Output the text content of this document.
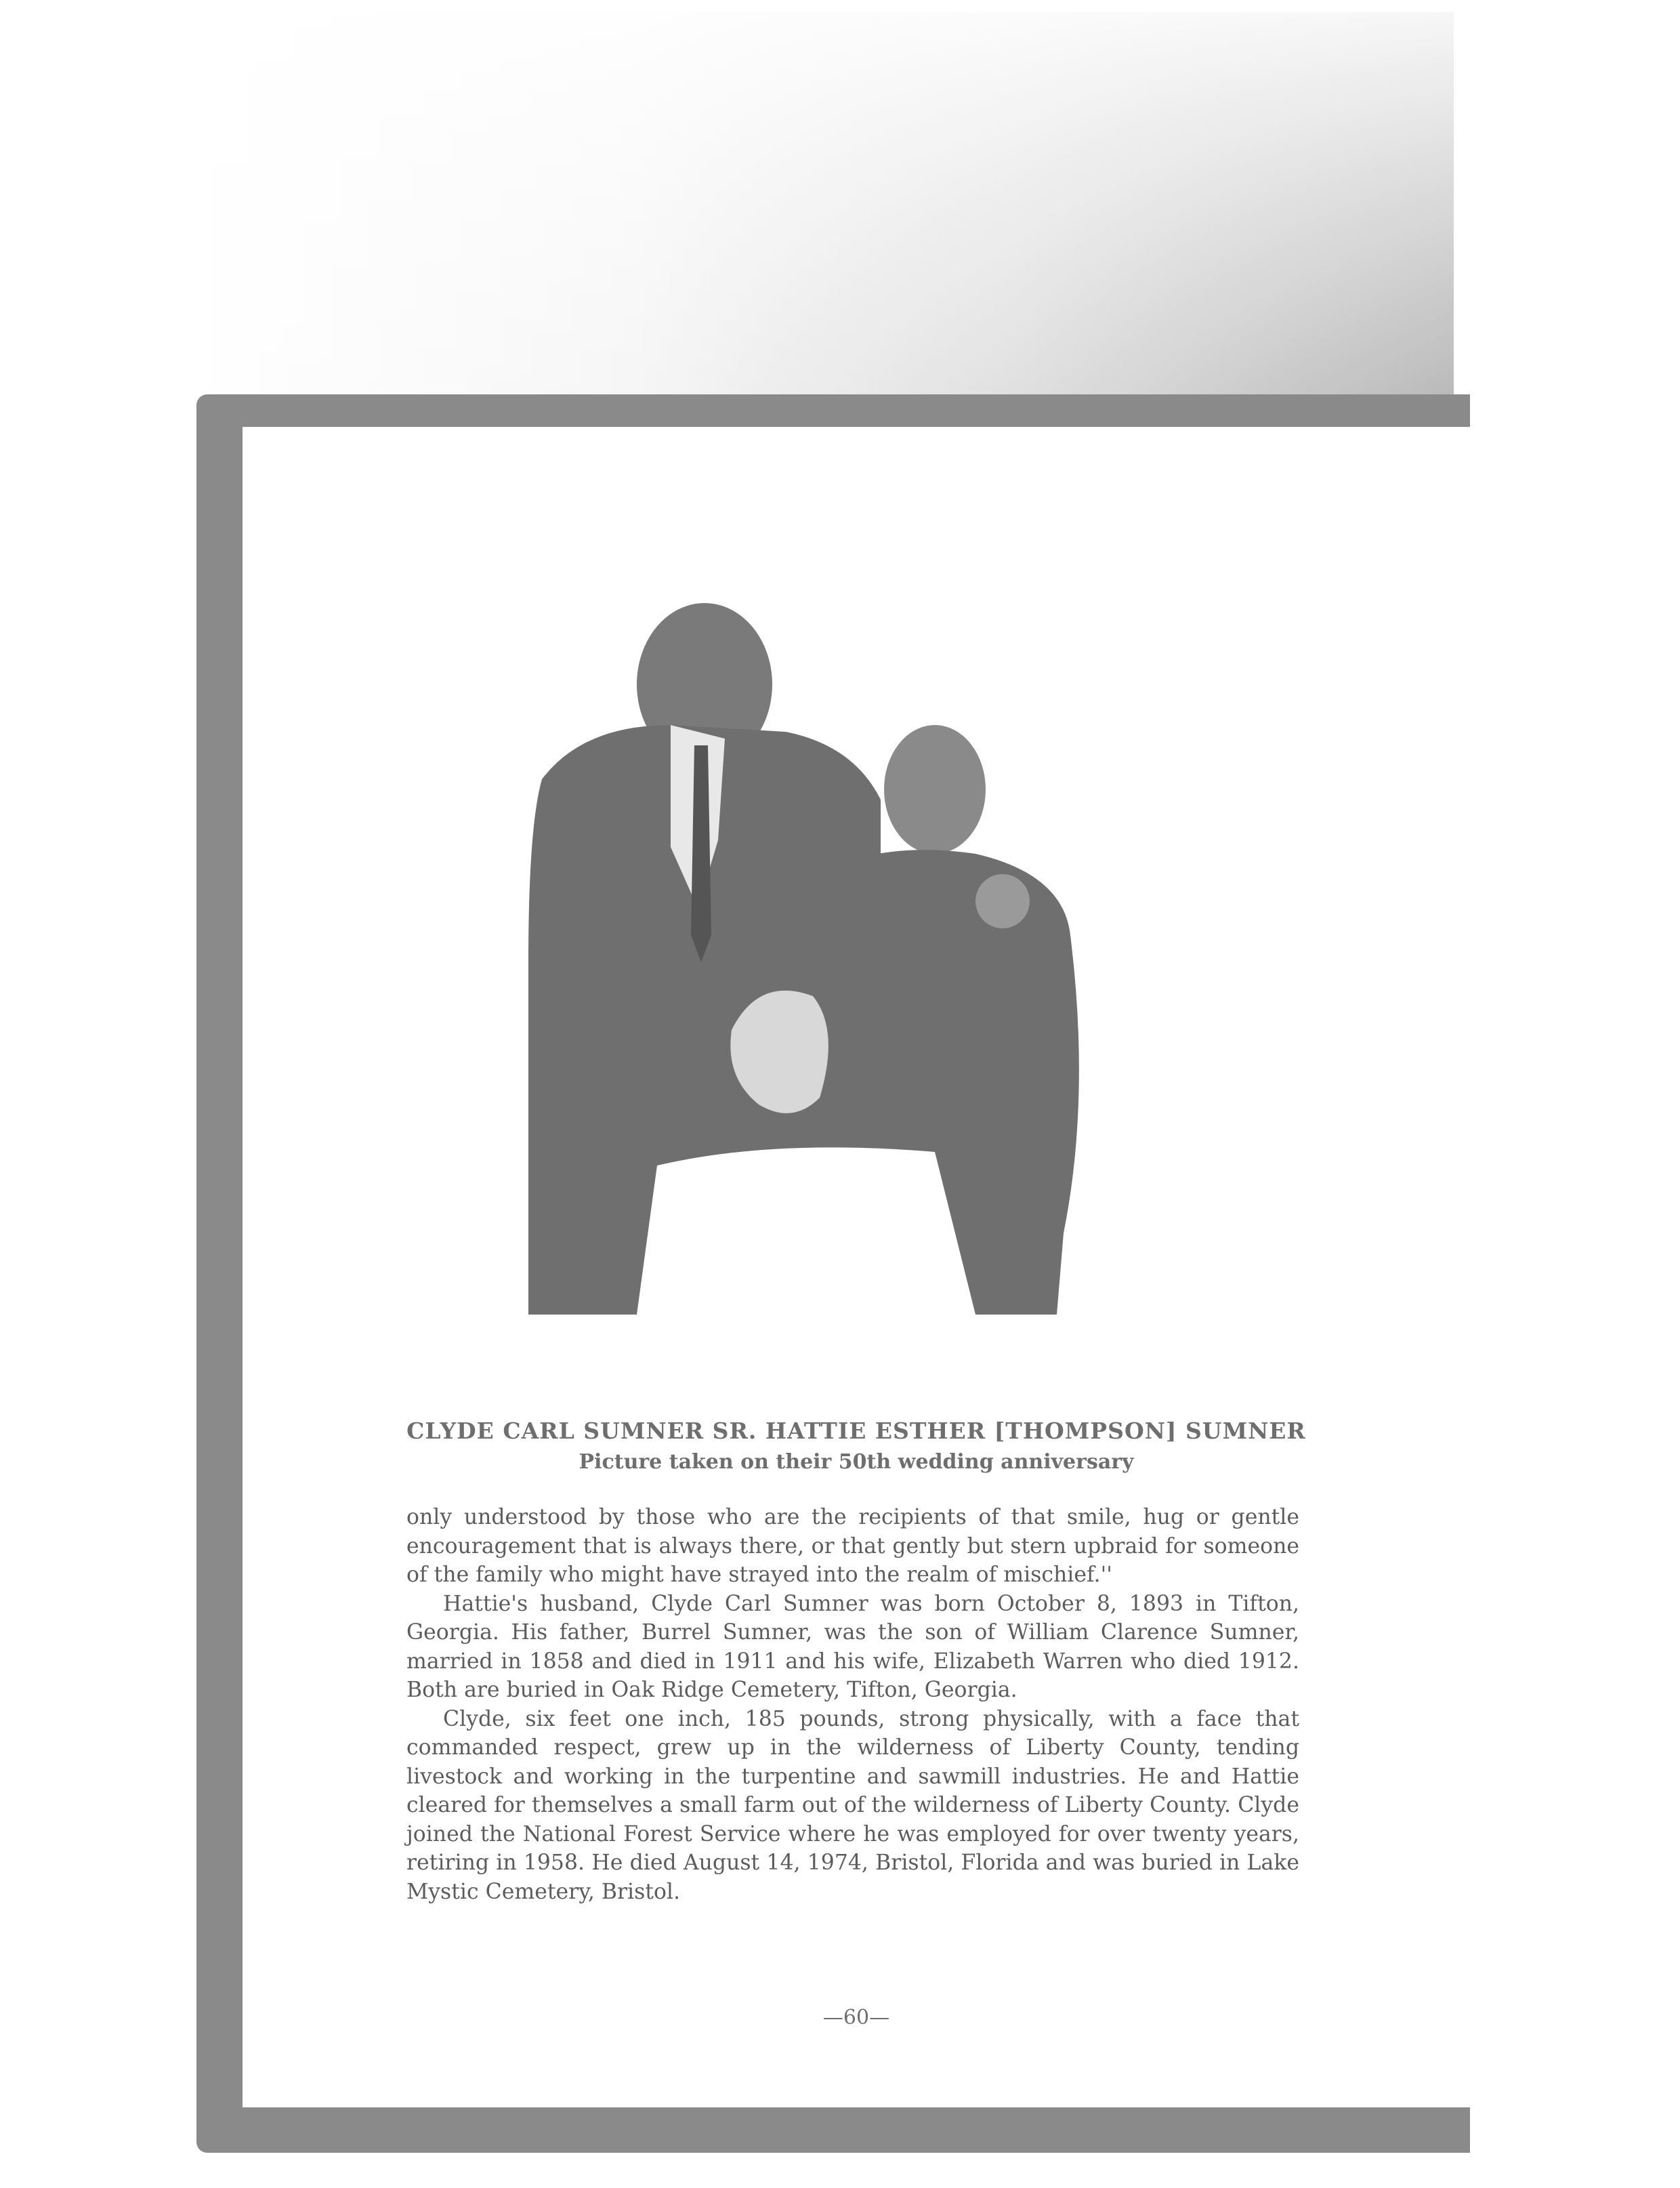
CLYDE CARL SUMNER SR. HATTIE ESTHER [THOMPSON] SUMNER
Picture taken on their 50th wedding anniversary

only understood by those who are the recipients of that smile, hug or gentle encouragement that is always there, or that gently but stern upbraid for someone of the family who might have strayed into the realm of mischief.''

Hattie's husband, Clyde Carl Sumner was born October 8, 1893 in Tifton, Georgia. His father, Burrel Sumner, was the son of William Clarence Sumner, married in 1858 and died in 1911 and his wife, Elizabeth Warren who died 1912. Both are buried in Oak Ridge Cemetery, Tifton, Georgia.

Clyde, six feet one inch, 185 pounds, strong physically, with a face that commanded respect, grew up in the wilderness of Liberty County, tending livestock and working in the turpentine and sawmill industries. He and Hattie cleared for themselves a small farm out of the wilderness of Liberty County. Clyde joined the National Forest Service where he was employed for over twenty years, retiring in 1958. He died August 14, 1974, Bristol, Florida and was buried in Lake Mystic Cemetery, Bristol.

—60—
